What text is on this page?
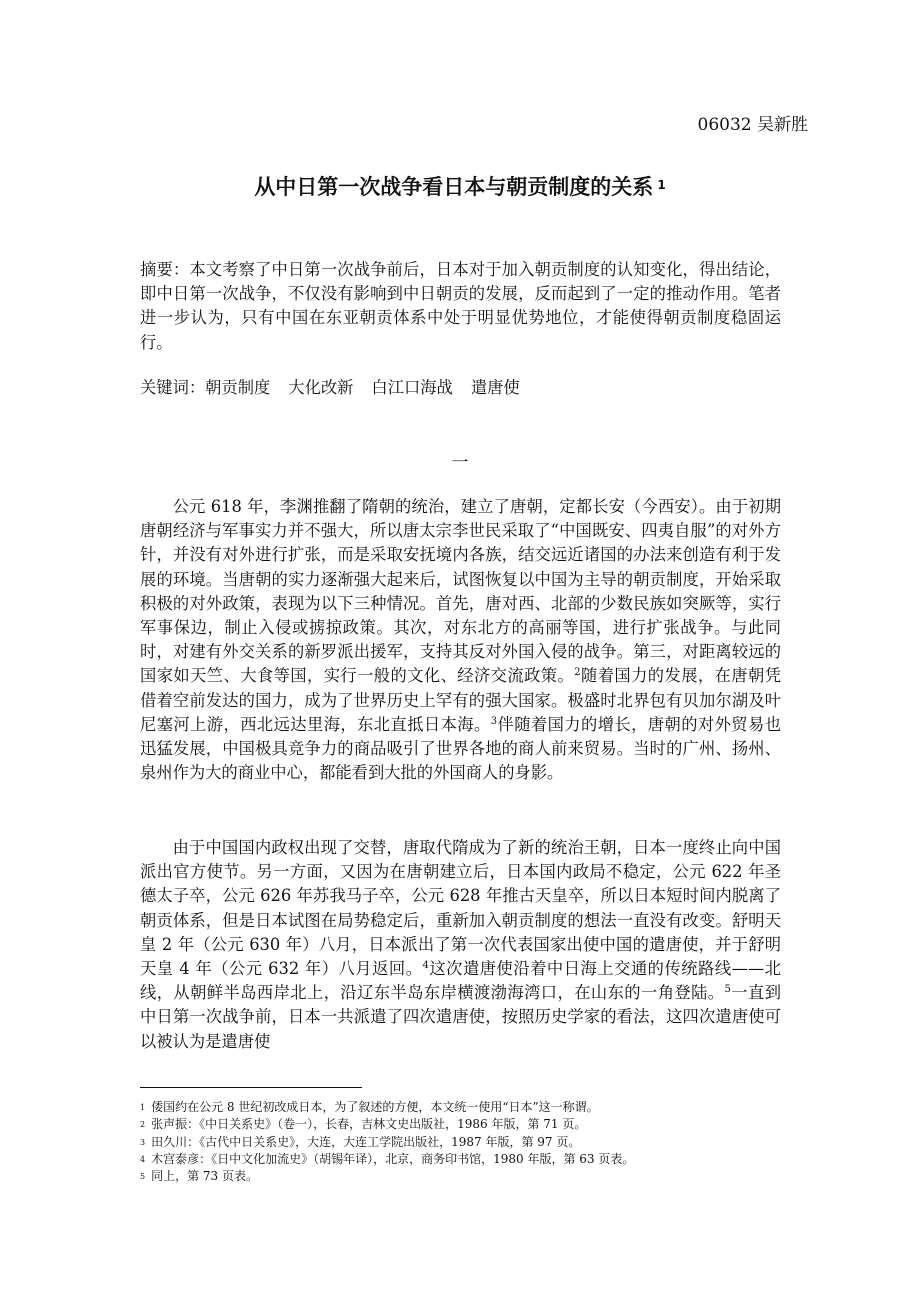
06032 吴新胜
从中日第一次战争看日本与朝贡制度的关系 $^1$
摘要：本文考察了中日第一次战争前后，日本对于加入朝贡制度的认知变化，得出结论，即中日第一次战争，不仅没有影响到中日朝贡的发展，反而起到了一定的推动作用。笔者进一步认为，只有中国在东亚朝贡体系中处于明显优势地位，才能使得朝贡制度稳固运行。
关键词：朝贡制度 大化改新 白江口海战 遣唐使
一

公元 618 年，李渊推翻了隋朝的统治，建立了唐朝，定都长安（今西安）。由于初期唐朝经济与军事实力并不强大，所以唐太宗李世民采取了“中国既安、四夷自服”的对外方针，并没有对外进行扩张，而是采取安抚境内各族，结交远近诸国的办法来创造有利于发展的环境。当唐朝的实力逐渐强大起来后，试图恢复以中国为主导的朝贡制度，开始采取积极的对外政策，表现为以下三种情况。首先，唐对西、北部的少数民族如突厥等，实行军事保边，制止入侵或掳掠政策。其次，对东北方的高丽等国，进行扩张战争。与此同时，对建有外交关系的新罗派出援军，支持其反对外国入侵的战争。第三，对距离较远的国家如天竺、大食等国，实行一般的文化、经济交流政策。$^2$随着国力的发展，在唐朝凭借着空前发达的国力，成为了世界历史上罕有的强大国家。极盛时北界包有贝加尔湖及叶尼塞河上游，西北远达里海，东北直抵日本海。$^3$伴随着国力的增长，唐朝的对外贸易也迅猛发展，中国极具竞争力的商品吸引了世界各地的商人前来贸易。当时的广州、扬州、泉州作为大的商业中心，都能看到大批的外国商人的身影。

由于中国国内政权出现了交替，唐取代隋成为了新的统治王朝，日本一度终止向中国派出官方使节。另一方面，又因为在唐朝建立后，日本国内政局不稳定，公元 622 年圣德太子卒，公元 626 年苏我马子卒，公元 628 年推古天皇卒，所以日本短时间内脱离了朝贡体系，但是日本试图在局势稳定后，重新加入朝贡制度的想法一直没有改变。舒明天皇 2 年（公元 630 年）八月，日本派出了第一次代表国家出使中国的遣唐使，并于舒明天皇 4 年（公元 632 年）八月返回。$^4$这次遣唐使沿着中日海上交通的传统路线——北线，从朝鲜半岛西岸北上，沿辽东半岛东岸横渡渤海湾口，在山东的一角登陆。$^5$一直到中日第一次战争前，日本一共派遣了四次遣唐使，按照历史学家的看法，这四次遣唐使可以被认为是遣唐使

$^1$ 倭国约在公元 8 世纪初改成日本，为了叙述的方便，本文统一使用“日本”这一称谓。
$^2$ 张声振：《中日关系史》（卷一），长春，吉林文史出版社，1986 年版，第 71 页。
$^3$ 田久川：《古代中日关系史》，大连，大连工学院出版社，1987 年版，第 97 页。
$^4$ 木宫泰彦：《日中文化加流史》（胡锡年译），北京，商务印书馆，1980 年版，第 63 页表。
$^5$ 同上，第 73 页表。
